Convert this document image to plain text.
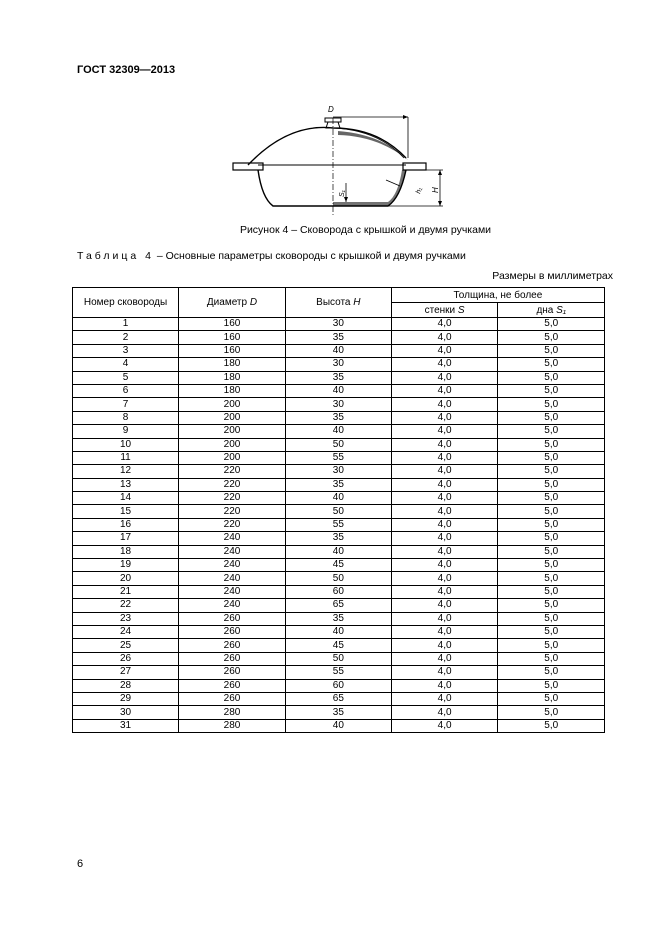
ГОСТ 32309—2013
D
H
S₁	h₁
Рисунок 4 – Сковорода с крышкой и двумя ручками
Таблица 4 – Основные параметры сковороды с крышкой и двумя ручками
Размеры в миллиметрах
Номер сковороды	Диаметр D	Высота H	Толщина, не более	
			стенки S	дна S₁
1	160	30	4,0	5,0
2	160	35	4,0	5,0
3	160	40	4,0	5,0
4	180	30	4,0	5,0
5	180	35	4,0	5,0
6	180	40	4,0	5,0
7	200	30	4,0	5,0
8	200	35	4,0	5,0
9	200	40	4,0	5,0
10	200	50	4,0	5,0
11	200	55	4,0	5,0
12	220	30	4,0	5,0
13	220	35	4,0	5,0
14	220	40	4,0	5,0
15	220	50	4,0	5,0
16	220	55	4,0	5,0
17	240	35	4,0	5,0
18	240	40	4,0	5,0
19	240	45	4,0	5,0
20	240	50	4,0	5,0
21	240	60	4,0	5,0
22	240	65	4,0	5,0
23	260	35	4,0	5,0
24	260	40	4,0	5,0
25	260	45	4,0	5,0
26	260	50	4,0	5,0
27	260	55	4,0	5,0
28	260	60	4,0	5,0
29	260	65	4,0	5,0
30	280	35	4,0	5,0
31	280	40	4,0	5,0
6
